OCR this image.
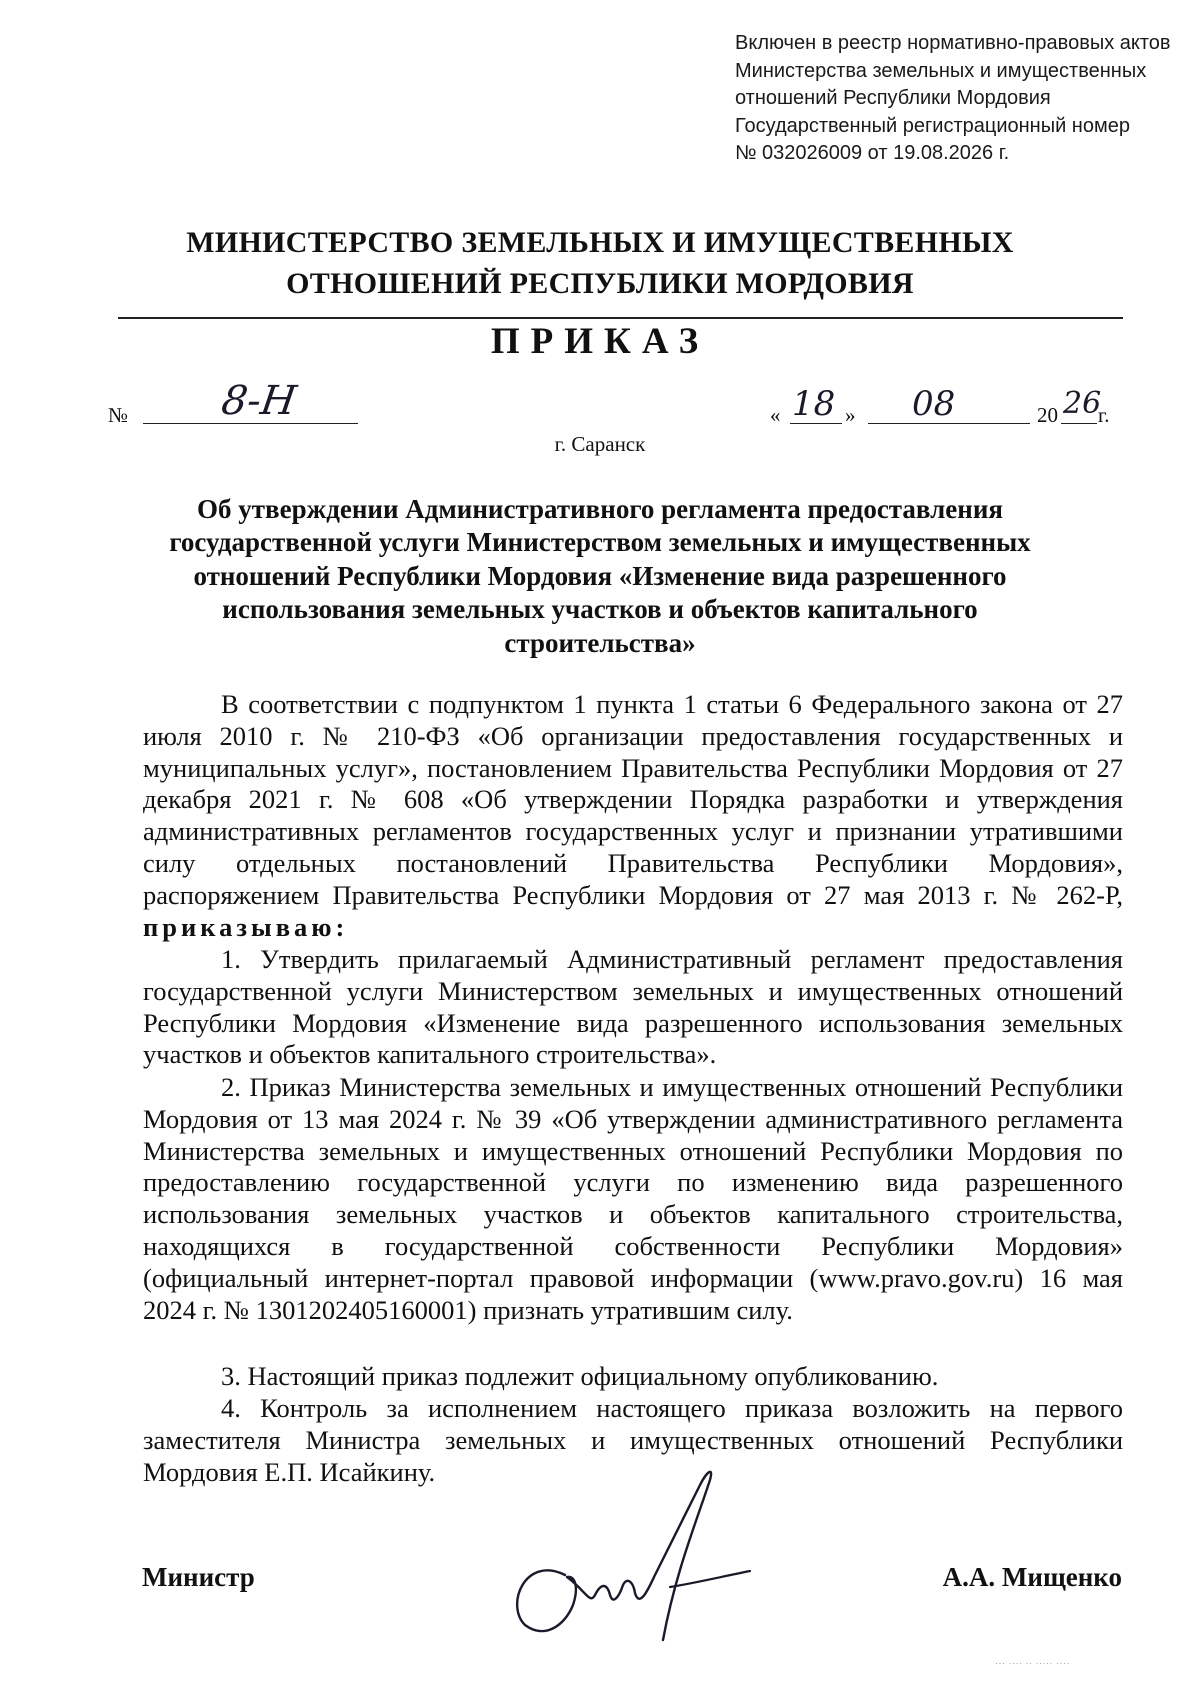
Включен в реестр нормативно-правовых актов
Министерства земельных и имущественных
отношений Республики Мордовия
Государственный регистрационный номер
№ 032026009 от 19.08.2026 г.
МИНИСТЕРСТВО ЗЕМЕЛЬНЫХ И ИМУЩЕСТВЕННЫХ
ОТНОШЕНИЙ РЕСПУБЛИКИ МОРДОВИЯ
ПРИКАЗ
№ 8-Н	« 18 » 08	20 26
г.
г. Саранск
Об утверждении Административного регламента предоставления
государственной услуги Министерством земельных и имущественных
отношений Республики Мордовия «Изменение вида разрешенного
использования земельных участков и объектов капитального
строительства»

В соответствии с подпунктом 1 пункта 1 статьи 6 Федерального закона от 27 июля 2010 г. № 210-ФЗ «Об организации предоставления государственных и муниципальных услуг», постановлением Правительства Республики Мордовия от 27 декабря 2021 г. № 608 «Об утверждении Порядка разработки и утверждения административных регламентов государственных услуг и признании утратившими силу отдельных постановлений Правительства Республики Мордовия», распоряжением Правительства Республики Мордовия от 27 мая 2013 г. № 262-Р, приказываю:

1. Утвердить прилагаемый Административный регламент предоставления государственной услуги Министерством земельных и имущественных отношений Республики Мордовия «Изменение вида разрешенного использования земельных участков и объектов капитального строительства».

2. Приказ Министерства земельных и имущественных отношений Республики Мордовия от 13 мая 2024 г. № 39 «Об утверждении административного регламента Министерства земельных и имущественных отношений Республики Мордовия по предоставлению государственной услуги по изменению вида разрешенного использования земельных участков и объектов капитального строительства, находящихся в государственной собственности Республики Мордовия» (официальный интернет-портал правовой информации (www.pravo.gov.ru) 16 мая 2024 г. № 1301202405160001) признать утратившим силу.

3. Настоящий приказ подлежит официальному опубликованию.

4. Контроль за исполнением настоящего приказа возложить на первого заместителя Министра земельных и имущественных отношений Республики Мордовия Е.П. Исайкину.

Министр	А.А. Мищенко
··· ···· ·· ····· ····
